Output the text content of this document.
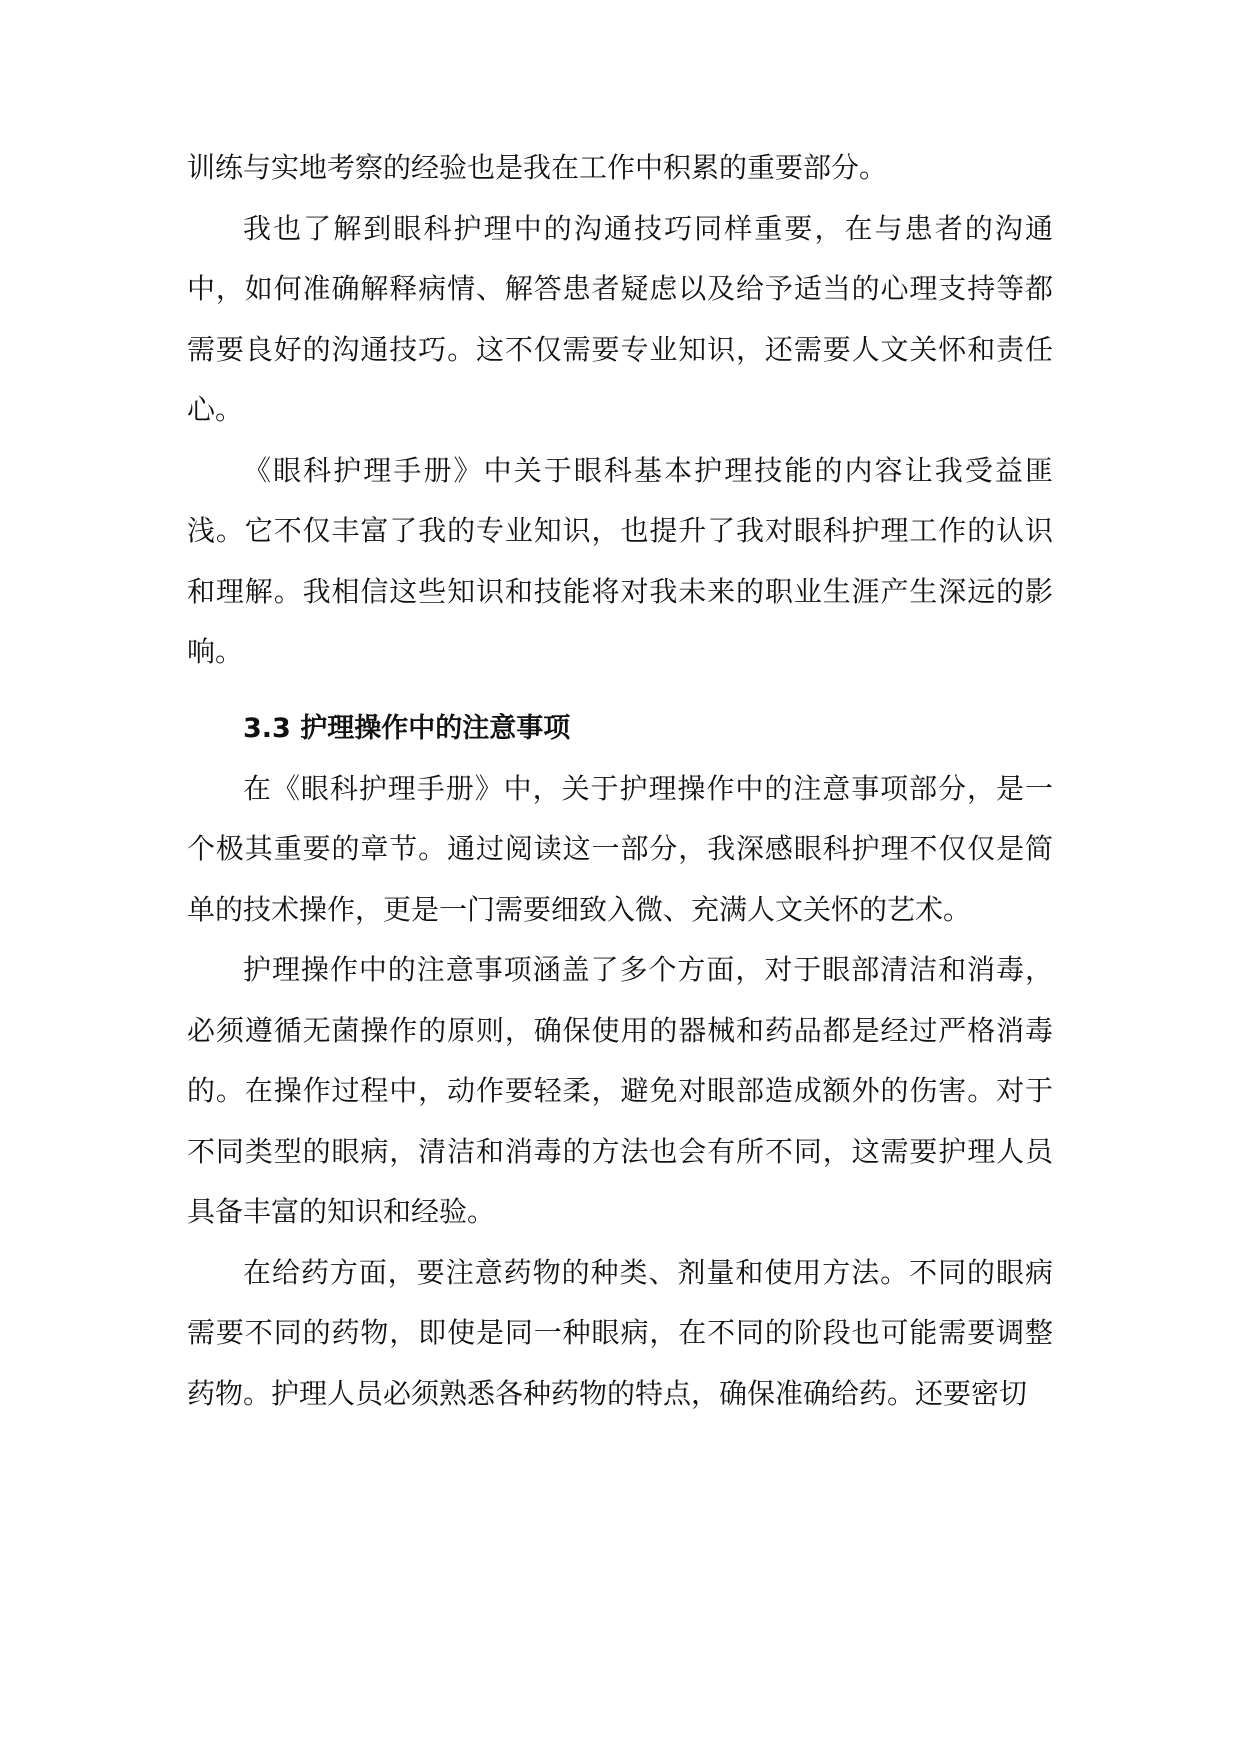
训练与实地考察的经验也是我在工作中积累的重要部分。

我也了解到眼科护理中的沟通技巧同样重要，在与患者的沟通中，如何准确解释病情、解答患者疑虑以及给予适当的心理支持等都需要良好的沟通技巧。这不仅需要专业知识，还需要人文关怀和责任心。

《眼科护理手册》中关于眼科基本护理技能的内容让我受益匪浅。它不仅丰富了我的专业知识，也提升了我对眼科护理工作的认识和理解。我相信这些知识和技能将对我未来的职业生涯产生深远的影响。

3.3 护理操作中的注意事项

在《眼科护理手册》中，关于护理操作中的注意事项部分，是一个极其重要的章节。通过阅读这一部分，我深感眼科护理不仅仅是简单的技术操作，更是一门需要细致入微、充满人文关怀的艺术。

护理操作中的注意事项涵盖了多个方面，对于眼部清洁和消毒，必须遵循无菌操作的原则，确保使用的器械和药品都是经过严格消毒的。在操作过程中，动作要轻柔，避免对眼部造成额外的伤害。对于不同类型的眼病，清洁和消毒的方法也会有所不同，这需要护理人员具备丰富的知识和经验。

在给药方面，要注意药物的种类、剂量和使用方法。不同的眼病需要不同的药物，即使是同一种眼病，在不同的阶段也可能需要调整药物。护理人员必须熟悉各种药物的特点，确保准确给药。还要密切
